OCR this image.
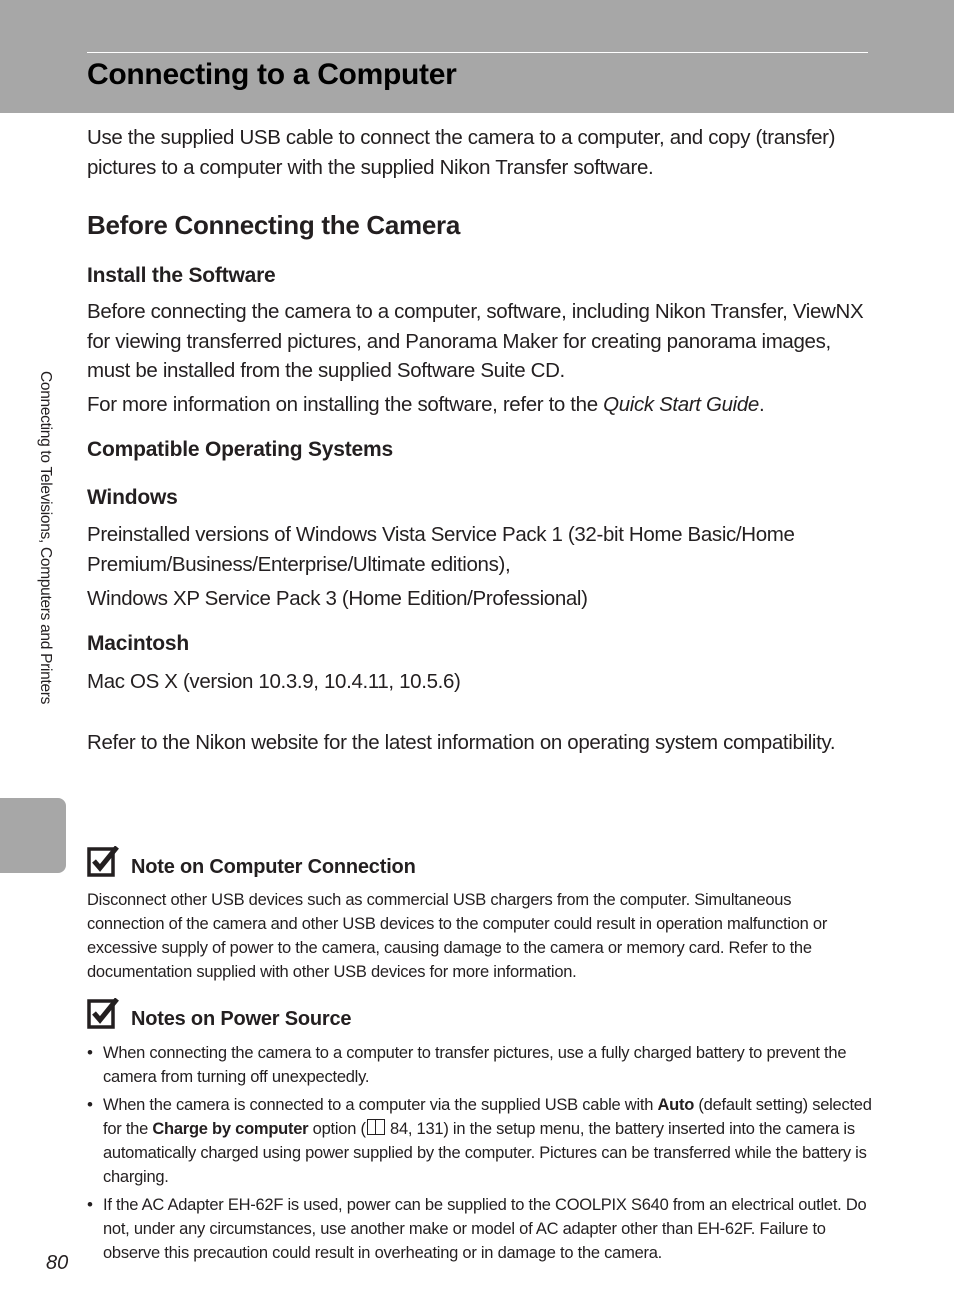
Connecting to a Computer
Connecting to Televisions, Computers and Printers

Use the supplied USB cable to connect the camera to a computer, and copy (transfer) pictures to a computer with the supplied Nikon Transfer software.

Before Connecting the Camera
Install the Software

Before connecting the camera to a computer, software, including Nikon Transfer, ViewNX for viewing transferred pictures, and Panorama Maker for creating panorama images, must be installed from the supplied Software Suite CD.

For more information on installing the software, refer to the Quick Start Guide.

Compatible Operating Systems
Windows

Preinstalled versions of Windows Vista Service Pack 1 (32-bit Home Basic/Home Premium/Business/Enterprise/Ultimate editions),

Windows XP Service Pack 3 (Home Edition/Professional)

Macintosh

Mac OS X (version 10.3.9, 10.4.11, 10.5.6)

Refer to the Nikon website for the latest information on operating system compatibility.

Note on Computer Connection

Disconnect other USB devices such as commercial USB chargers from the computer. Simultaneous connection of the camera and other USB devices to the computer could result in operation malfunction or excessive supply of power to the camera, causing damage to the camera or memory card. Refer to the documentation supplied with other USB devices for more information.

Notes on Power Source
• When connecting the camera to a computer to transfer pictures, use a fully charged battery to prevent the camera from turning off unexpectedly.
• When the camera is connected to a computer via the supplied USB cable with Auto (default setting) selected for the Charge by computer option ( 84, 131) in the setup menu, the battery inserted into the camera is automatically charged using power supplied by the computer. Pictures can be transferred while the battery is charging.
• If the AC Adapter EH-62F is used, power can be supplied to the COOLPIX S640 from an electrical outlet. Do not, under any circumstances, use another make or model of AC adapter other than EH-62F. Failure to observe this precaution could result in overheating or in damage to the camera.
80
